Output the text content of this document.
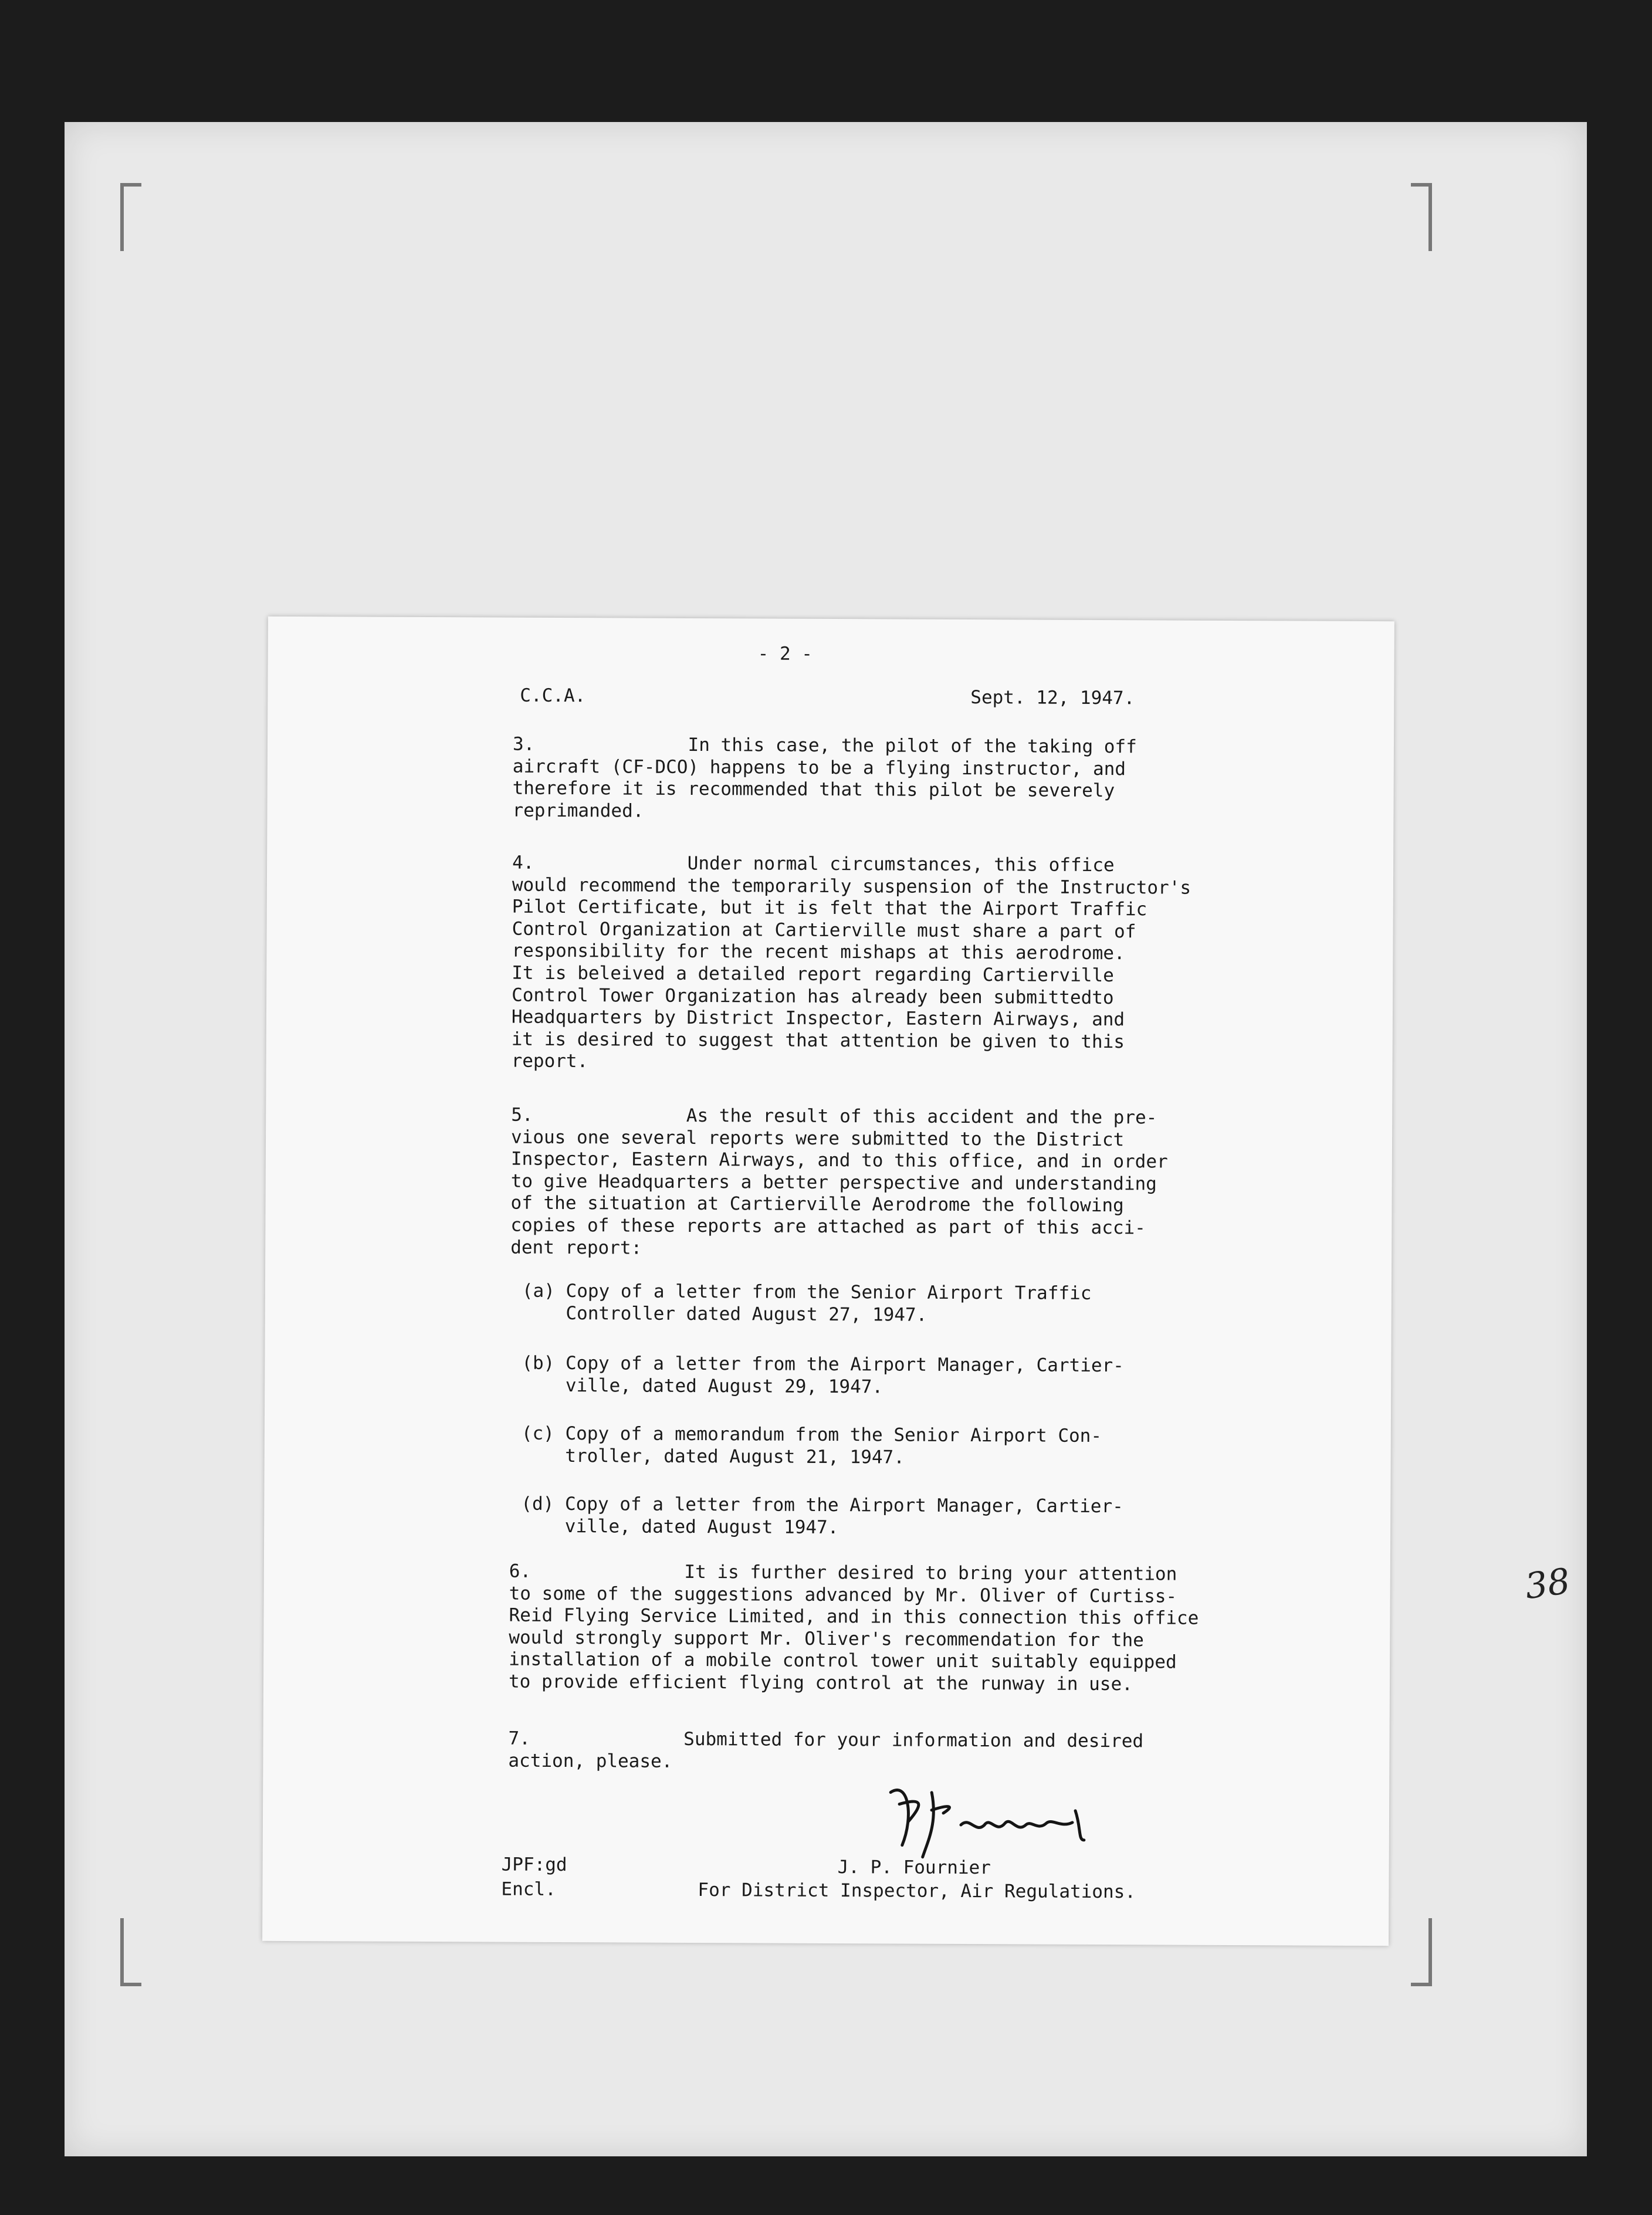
- 2 -
C.C.A.	Sept. 12, 1947.
3.              In this case, the pilot of the taking off
aircraft (CF-DCO) happens to be a flying instructor, and
therefore it is recommended that this pilot be severely
reprimanded.
4.              Under normal circumstances, this office
would recommend the temporarily suspension of the Instructor's
Pilot Certificate, but it is felt that the Airport Traffic
Control Organization at Cartierville must share a part of
responsibility for the recent mishaps at this aerodrome.
It is beleived a detailed report regarding Cartierville
Control Tower Organization has already been submittedto
Headquarters by District Inspector, Eastern Airways, and
it is desired to suggest that attention be given to this
report.
5.              As the result of this accident and the pre-
vious one several reports were submitted to the District
Inspector, Eastern Airways, and to this office, and in order
to give Headquarters a better perspective and understanding
of the situation at Cartierville Aerodrome the following
copies of these reports are attached as part of this acci-
dent report:
(a) Copy of a letter from the Senior Airport Traffic
Controller dated August 27, 1947.
(b) Copy of a letter from the Airport Manager, Cartier-
ville, dated August 29, 1947.
(c) Copy of a memorandum from the Senior Airport Con-
troller, dated August 21, 1947.
(d) Copy of a letter from the Airport Manager, Cartier-
ville, dated August 1947.
6.              It is further desired to bring your attention
to some of the suggestions advanced by Mr. Oliver of Curtiss-
Reid Flying Service Limited, and in this connection this office
would strongly support Mr. Oliver's recommendation for the
installation of a mobile control tower unit suitably equipped
to provide efficient flying control at the runway in use.
7.              Submitted for your information and desired
action, please.
JPF:gd	J. P. Fournier
Encl.	For District Inspector, Air Regulations.
38
